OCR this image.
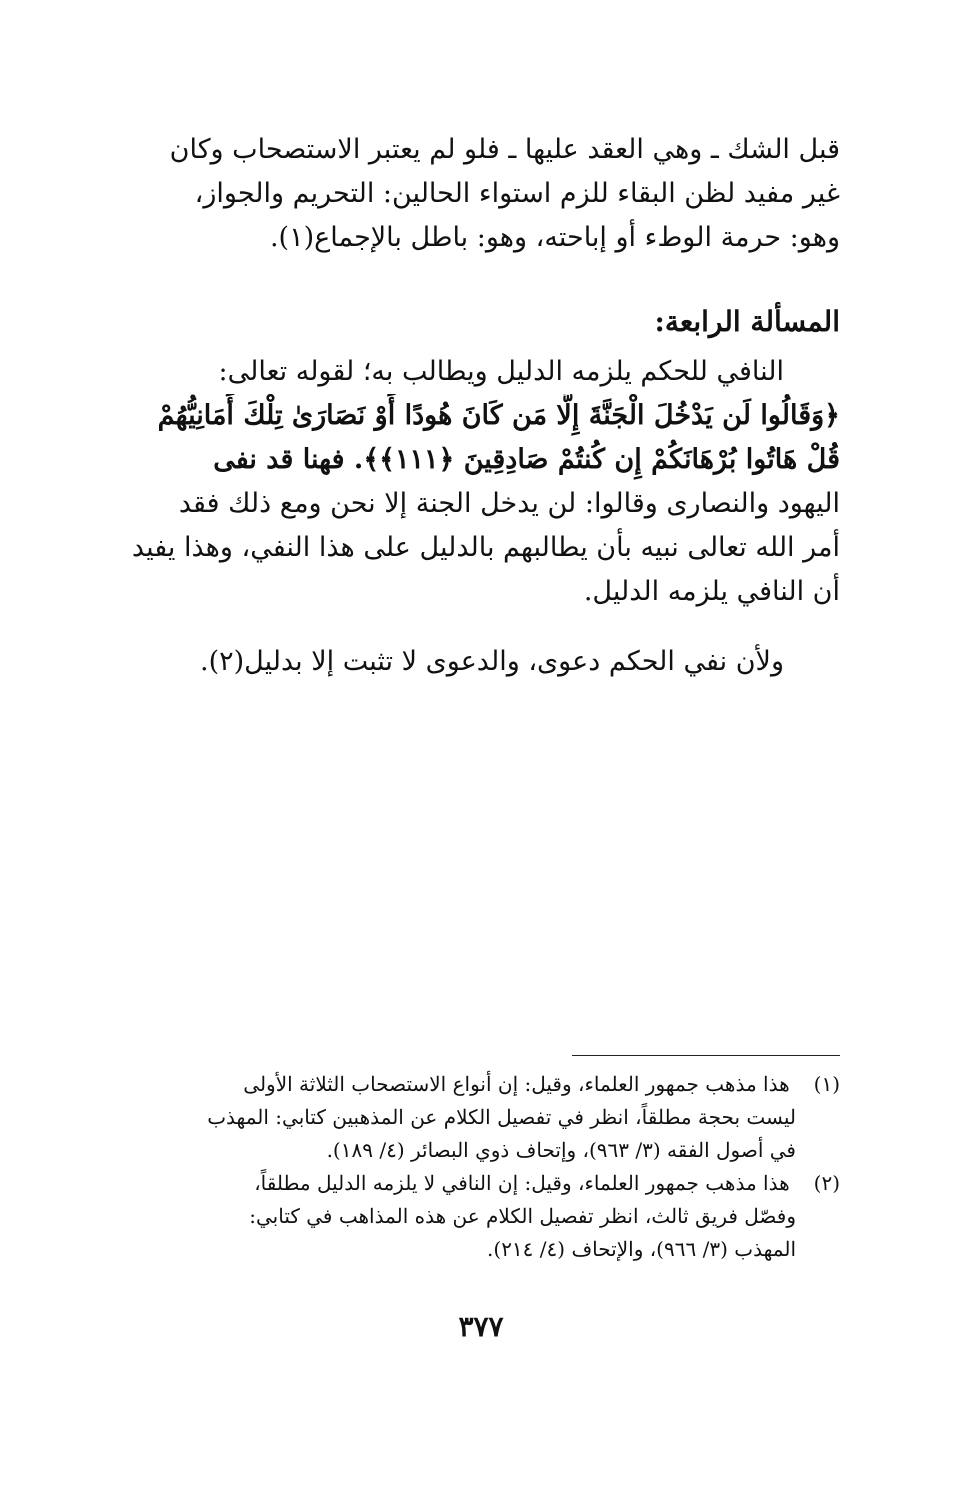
قبل الشك ـ وهي العقد عليها ـ فلو لم يعتبر الاستصحاب وكان
غير مفيد لظن البقاء للزم استواء الحالين: التحريم والجواز،
وهو: حرمة الوطء أو إباحته، وهو: باطل بالإجماع(١).
المسألة الرابعة:
النافي للحكم يلزمه الدليل ويطالب به؛ لقوله تعالى:
﴿وَقَالُوا لَن يَدْخُلَ الْجَنَّةَ إِلَّا مَن كَانَ هُودًا أَوْ نَصَارَىٰ تِلْكَ أَمَانِيُّهُمْ
قُلْ هَاتُوا بُرْهَانَكُمْ إِن كُنتُمْ صَادِقِينَ ﴿١١١﴾﴾. فهنا قد نفى
اليهود والنصارى وقالوا: لن يدخل الجنة إلا نحن ومع ذلك فقد
أمر الله تعالى نبيه بأن يطالبهم بالدليل على هذا النفي، وهذا يفيد
أن النافي يلزمه الدليل.
ولأن نفي الحكم دعوى، والدعوى لا تثبت إلا بدليل(٢).
(١) هذا مذهب جمهور العلماء، وقيل: إن أنواع الاستصحاب الثلاثة الأولى
ليست بحجة مطلقاً، انظر في تفصيل الكلام عن المذهبين كتابي: المهذب
في أصول الفقه (٣/ ٩٦٣)، وإتحاف ذوي البصائر (٤/ ١٨٩).
(٢) هذا مذهب جمهور العلماء، وقيل: إن النافي لا يلزمه الدليل مطلقاً،
وفصّل فريق ثالث، انظر تفصيل الكلام عن هذه المذاهب في كتابي:
المهذب (٣/ ٩٦٦)، والإتحاف (٤/ ٢١٤).
٣٧٧
